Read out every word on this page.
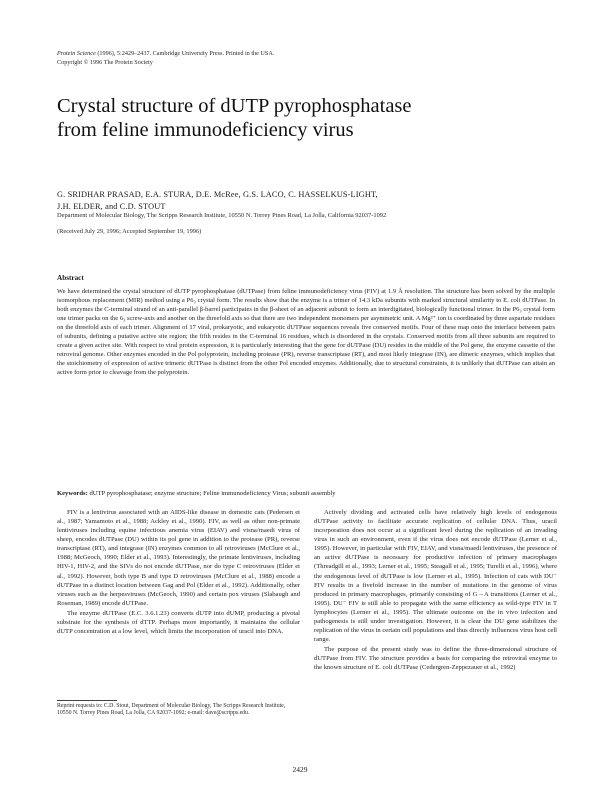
Protein Science (1996), 5:2429–2437. Cambridge University Press. Printed in the USA.
Copyright © 1996 The Protein Society
Crystal structure of dUTP pyrophosphatase
from feline immunodeficiency virus
G. SRIDHAR PRASAD, E.A. STURA, D.E. McRee, G.S. LACO, C. HASSELKUS-LIGHT,
J.H. ELDER, and C.D. STOUT
Department of Molecular Biology, The Scripps Research Institute, 10550 N. Torrey Pines Road, La Jolla, California 92037-1092
(Received July 29, 1996; Accepted September 19, 1996)
Abstract
We have determined the crystal structure of dUTP pyrophosphatase (dUTPase) from feline immunodeficiency virus (FIV) at 1.9 Å resolution. The structure has been solved by the multiple isomorphous replacement (MIR) method using a P6₃ crystal form. The results show that the enzyme is a trimer of 14.3 kDa subunits with marked structural similarity to E. coli dUTPase. In both enzymes the C-terminal strand of an anti-parallel β-barrel participates in the β-sheet of an adjacent subunit to form an interdigitated, biologically functional trimer. In the P6₃ crystal form one trimer packs on the 6₃ screw-axis and another on the threefold axis so that there are two independent monomers per asymmetric unit. A Mg²⁺ ion is coordinated by three aspartate residues on the threefold axis of each trimer. Alignment of 17 viral, prokaryotic, and eukaryotic dUTPase sequences reveals five conserved motifs. Four of these map onto the interface between pairs of subunits, defining a putative active site region; the fifth resides in the C-terminal 16 residues, which is disordered in the crystals. Conserved motifs from all three subunits are required to create a given active site. With respect to viral protein expression, it is particularly interesting that the gene for dUTPase (DU) resides in the middle of the Pol gene, the enzyme cassette of the retroviral genome. Other enzymes encoded in the Pol polyprotein, including protease (PR), reverse transcriptase (RT), and most likely integrase (IN), are dimeric enzymes, which implies that the stoichiometry of expression of active trimeric dUTPase is distinct from the other Pol encoded enzymes. Additionally, due to structural constraints, it is unlikely that dUTPase can attain an active form prior to cleavage from the polyprotein.
Keywords: dUTP pyrophosphatase; enzyme structure; Feline immunodeficiency Virus; subunit assembly

FIV is a lentivirus associated with an AIDS-like disease in domestic cats (Pedersen et al., 1987; Yamamoto et al., 1988; Ackley et al., 1990). FIV, as well as other non-primate lentiviruses including equine infectious anemia virus (EIAV) and visna/maedi virus of sheep, encodes dUTPase (DU) within its pol gene in addition to the protease (PR), reverse transcriptase (RT), and integrase (IN) enzymes common to all retroviruses (McClure et al., 1988; McGeoch, 1990; Elder et al., 1993). Interestingly, the primate lentiviruses, including HIV-1, HIV-2, and the SIVs do not encode dUTPase, nor do type C retroviruses (Elder et al., 1992). However, both type B and type D retroviruses (McClure et al., 1988) encode a dUTPase in a distinct location between Gag and Pol (Elder et al., 1992). Additionally, other viruses such as the herpesviruses (McGeoch, 1990) and certain pox viruses (Slabaugh and Roseman, 1989) encode dUTPase.

The enzyme dUTPase (E.C. 3.6.1.23) converts dUTP into dUMP, producing a pivotal substrate for the synthesis of dTTP. Perhaps more importantly, it maintains the cellular dUTP concentration at a low level, which limits the incorporation of uracil into DNA.

Actively dividing and activated cells have relatively high levels of endogenous dUTPase activity to facilitate accurate replication of cellular DNA. Thus, uracil incorporation does not occur at a significant level during the replication of an invading virus in such an environment, even if the virus does not encode dUTPase (Lerner et al., 1995). However, in particular with FIV, EIAV, and visna/maedi lentiviruses, the presence of an active dUTPase is necessary for productive infection of primary macrophages (Threadgill et al., 1993; Lerner et al., 1995; Steagall et al., 1995; Turelli et al., 1996), where the endogenous level of dUTPase is low (Lerner et al., 1995). Infection of cats with DU⁻ FIV results in a fivefold increase in the number of mutations in the genome of virus produced in primary macrophages, primarily consisting of G→A transitions (Lerner et al., 1995). DU⁻ FIV is still able to propagate with the same efficiency as wild-type FIV in T lymphocytes (Lerner et al., 1995). The ultimate outcome on the in vivo infection and pathogenesis is still under investigation. However, it is clear the DU gene stabilizes the replication of the virus in certain cell populations and thus directly influences virus host cell range.

The purpose of the present study was to define the three-dimensional structure of dUTPase from FIV. The structure provides a basis for comparing the retroviral enzyme to the known structure of E. coli dUTPase (Cedergren-Zeppezauer et al., 1992)

Reprint requests to: C.D. Stout, Department of Molecular Biology, The Scripps Research Institute, 10550 N. Torrey Pines Road, La Jolla, CA 92037-1092; e-mail: dave@scripps.edu.
2429
